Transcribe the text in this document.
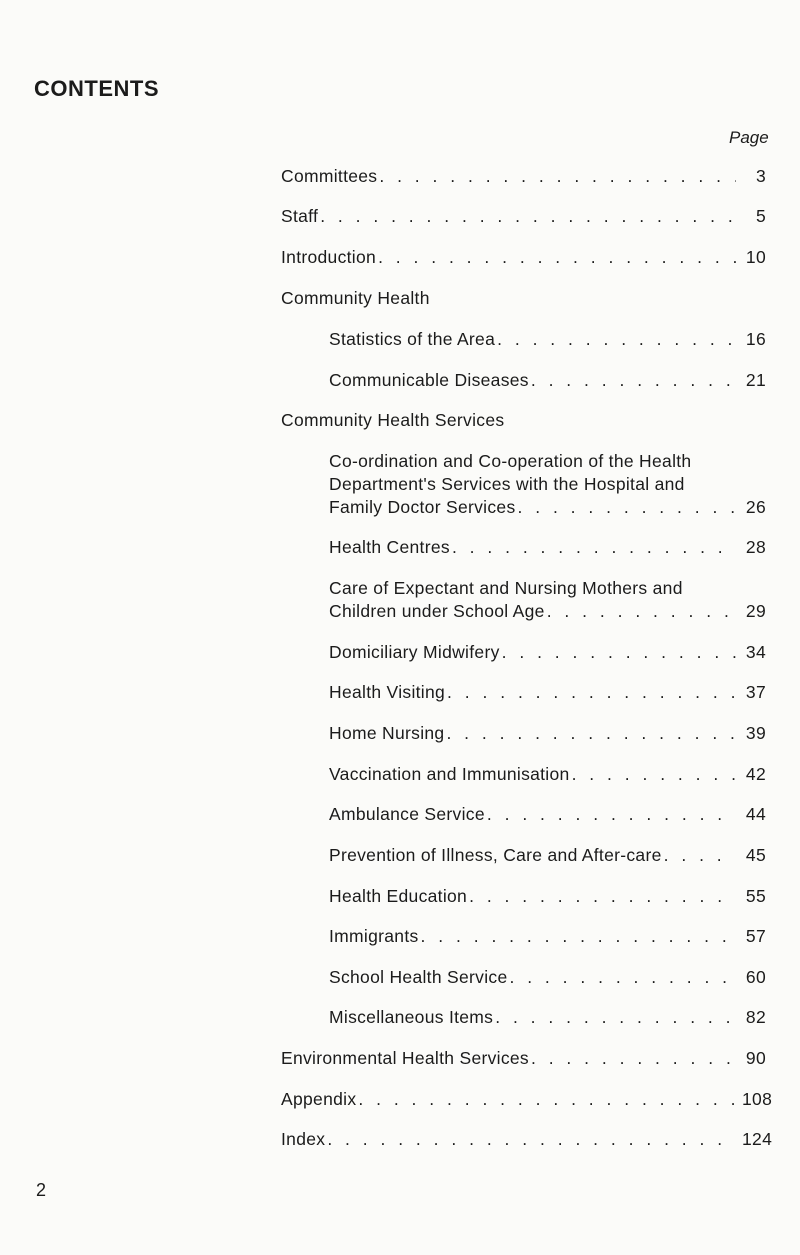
CONTENTS
Page
Committees . . .	3
Staff . . .	5
Introduction . . .	10
Community Health
Statistics of the Area . . .	16
Communicable Diseases . . .	21
Community Health Services
Co-ordination and Co-operation of the Health
Department's Services with the Hospital and
Family Doctor Services . . .	26
Health Centres . . .	28
Care of Expectant and Nursing Mothers and
Children under School Age . . .	29
Domiciliary Midwifery . . .	34
Health Visiting . . .	37
Home Nursing . . .	39
Vaccination and Immunisation . . .	42
Ambulance Service . . .	44
Prevention of Illness, Care and After-care . . .	45
Health Education . . .	55
Immigrants . . .	57
School Health Service . . .	60
Miscellaneous Items . . .	82
Environmental Health Services . . .	90
Appendix . . .	108
Index . . .	124
2
